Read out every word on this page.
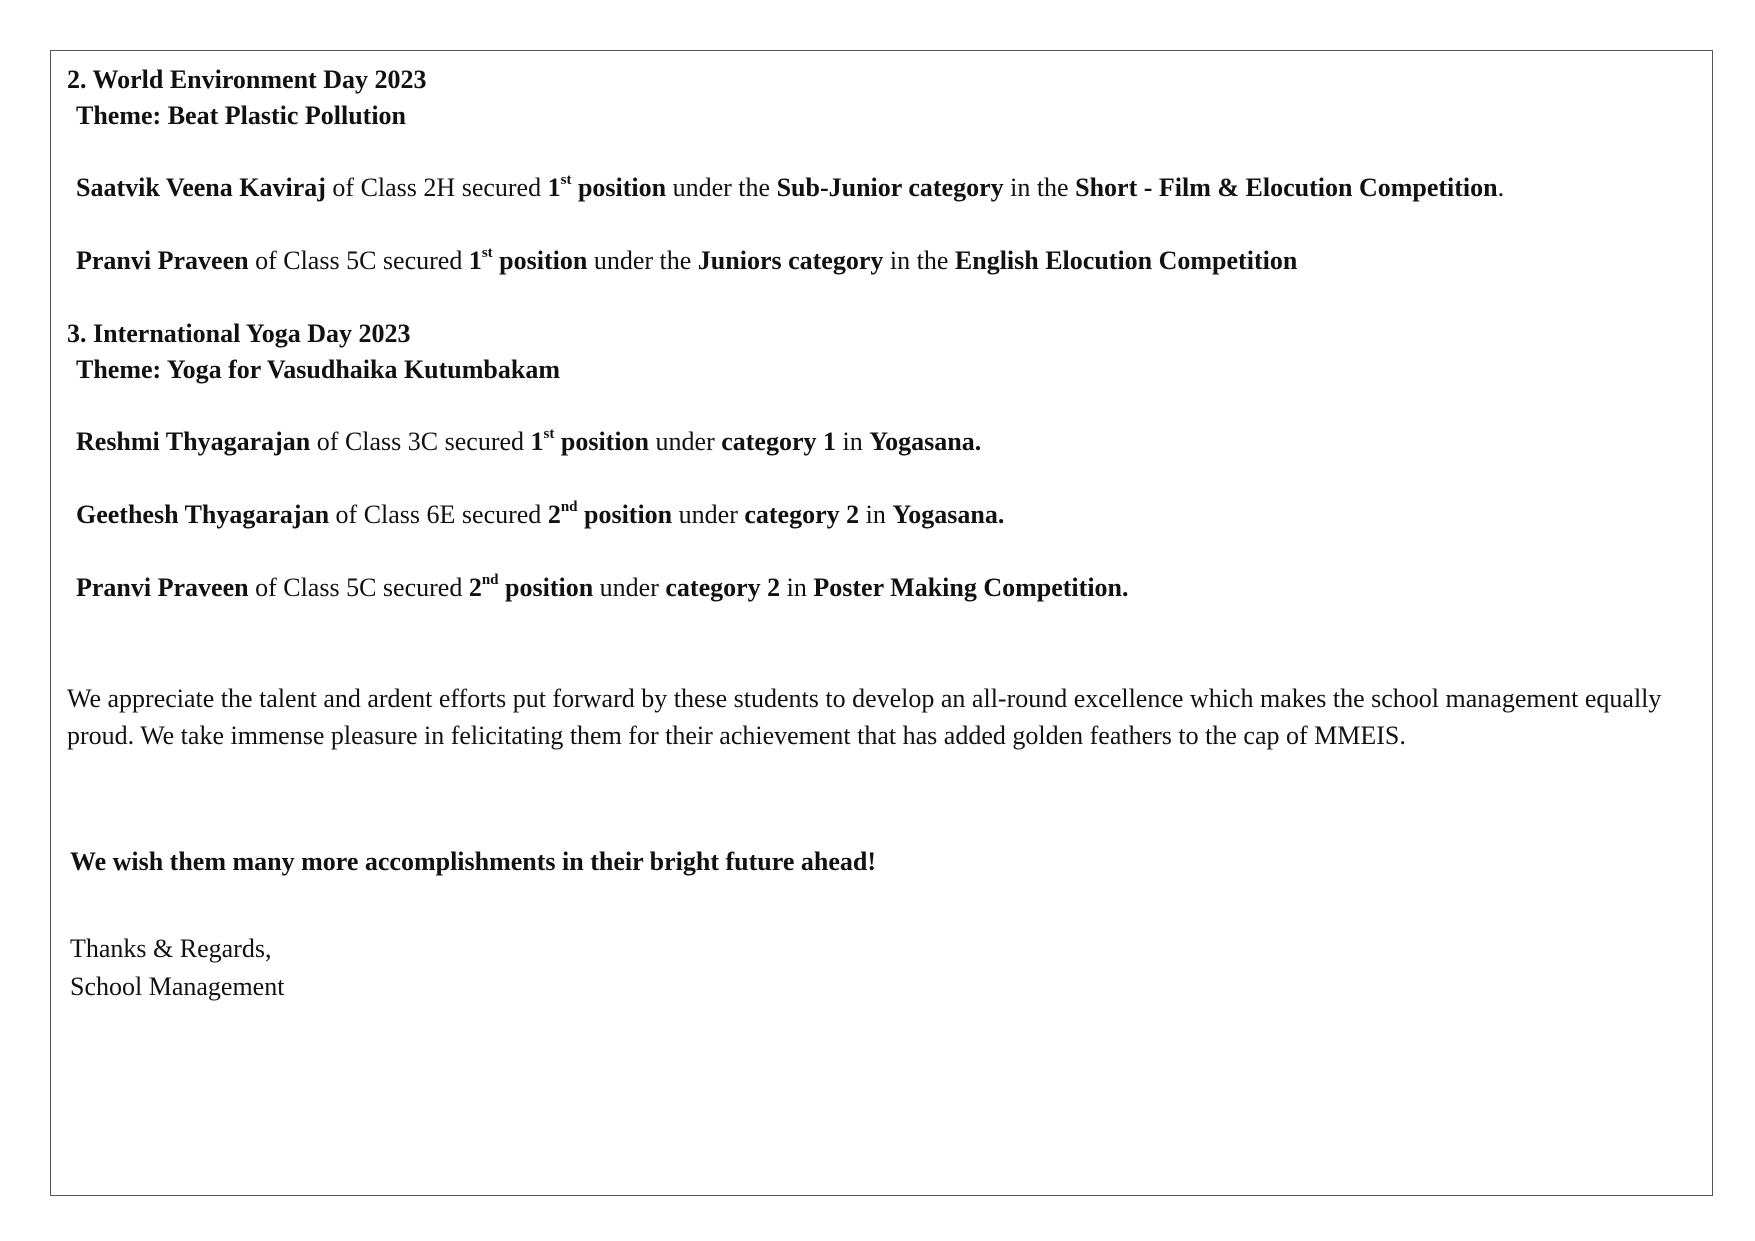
2. World Environment Day 2023
Theme: Beat Plastic Pollution
Saatvik Veena Kaviraj of Class 2H secured 1st position under the Sub-Junior category in the Short - Film & Elocution Competition.
Pranvi Praveen of Class 5C secured 1st position under the Juniors category in the English Elocution Competition
3. International Yoga Day 2023
Theme: Yoga for Vasudhaika Kutumbakam
Reshmi Thyagarajan of Class 3C secured 1st position under category 1 in Yogasana.
Geethesh Thyagarajan of Class 6E secured 2nd position under category 2 in Yogasana.
Pranvi Praveen of Class 5C secured 2nd position under category 2 in Poster Making Competition.
We appreciate the talent and ardent efforts put forward by these students to develop an all-round excellence which makes the school management equally proud. We take immense pleasure in felicitating them for their achievement that has added golden feathers to the cap of MMEIS.
We wish them many more accomplishments in their bright future ahead!
Thanks & Regards,
School Management
